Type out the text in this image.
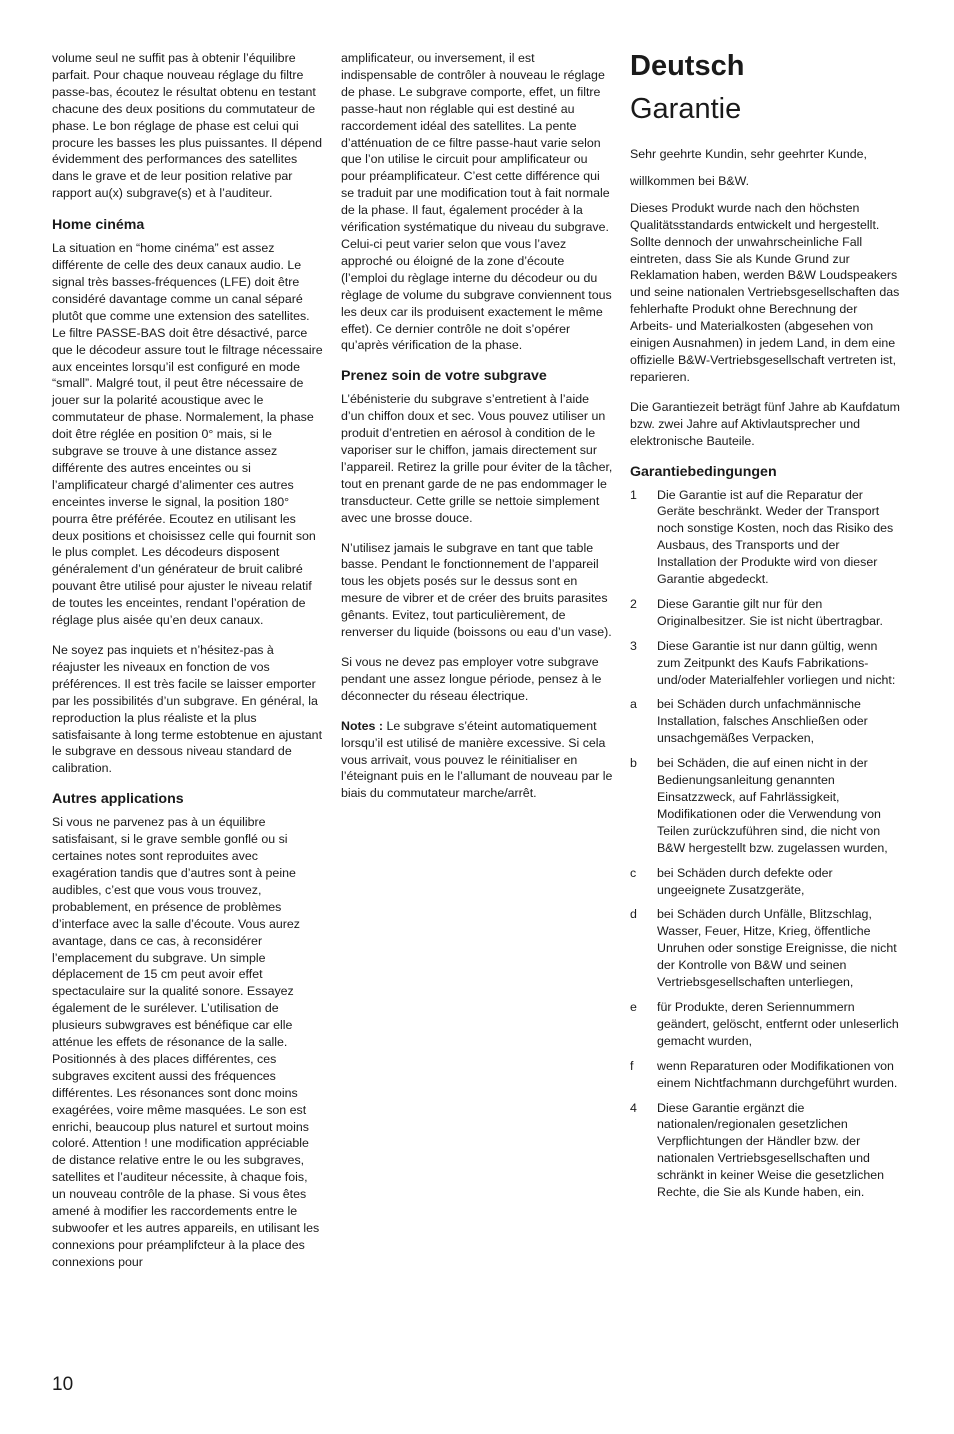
volume seul ne suffit pas à obtenir l’équilibre parfait. Pour chaque nouveau réglage du filtre passe-bas, écoutez le résultat obtenu en testant chacune des deux positions du commutateur de phase. Le bon réglage de phase est celui qui procure les basses les plus puissantes. Il dépend évidemment des performances des satellites dans le grave et de leur position relative par rapport au(x) subgrave(s) et à l’auditeur.

Home cinéma

La situation en “home cinéma” est assez différente de celle des deux canaux audio. Le signal très basses-fréquences (LFE) doit être considéré davantage comme un canal séparé plutôt que comme une extension des satellites. Le filtre PASSE-BAS doit être désactivé, parce que le décodeur assure tout le filtrage nécessaire aux enceintes lorsqu’il est configuré en mode “small”. Malgré tout, il peut être nécessaire de jouer sur la polarité acoustique avec le commutateur de phase. Normalement, la phase doit être réglée en position 0° mais, si le subgrave se trouve à une distance assez différente des autres enceintes ou si l’amplificateur chargé d’alimenter ces autres enceintes inverse le signal, la position 180° pourra être préférée. Ecoutez en utilisant les deux positions et choisissez celle qui fournit son le plus complet. Les décodeurs disposent généralement d’un générateur de bruit calibré pouvant être utilisé pour ajuster le niveau relatif de toutes les enceintes, rendant l’opération de réglage plus aisée qu’en deux canaux.

Ne soyez pas inquiets et n’hésitez-pas à réajuster les niveaux en fonction de vos préférences. Il est très facile se laisser emporter par les possibilités d’un subgrave. En général, la reproduction la plus réaliste et la plus satisfaisante à long terme estobtenue en ajustant le subgrave en dessous niveau standard de calibration.

Autres applications

Si vous ne parvenez pas à un équilibre satisfaisant, si le grave semble gonflé ou si certaines notes sont reproduites avec exagération tandis que d’autres sont à peine audibles, c’est que vous vous trouvez, probablement, en présence de problèmes d’interface avec la salle d’écoute. Vous aurez avantage, dans ce cas, à reconsidérer l’emplacement du subgrave. Un simple déplacement de 15 cm peut avoir effet spectaculaire sur la qualité sonore. Essayez également de le surélever. L’utilisation de plusieurs subwgraves est bénéfique car elle atténue les effets de résonance de la salle. Positionnés à des places différentes, ces subgraves excitent aussi des fréquences différentes. Les résonances sont donc moins exagérées, voire même masquées. Le son est enrichi, beaucoup plus naturel et surtout moins coloré. Attention ! une modification appréciable de distance relative entre le ou les subgraves, satellites et l’auditeur nécessite, à chaque fois, un nouveau contrôle de la phase. Si vous êtes amené à modifier les raccordements entre le subwoofer et les autres appareils, en utilisant les connexions pour préamplifcteur à la place des connexions pour

amplificateur, ou inversement, il est indispensable de contrôler à nouveau le réglage de phase. Le subgrave comporte, effet, un filtre passe-haut non réglable qui est destiné au raccordement idéal des satellites. La pente d’atténuation de ce filtre passe-haut varie selon que l’on utilise le circuit pour amplificateur ou pour préamplificateur. C’est cette différence qui se traduit par une modification tout à fait normale de la phase. Il faut, également procéder à la vérification systématique du niveau du subgrave. Celui-ci peut varier selon que vous l’avez approché ou éloigné de la zone d’écoute (l’emploi du règlage interne du décodeur ou du règlage de volume du subgrave conviennent tous les deux car ils produisent exactement le même effet). Ce dernier contrôle ne doit s’opérer qu’après vérification de la phase.

Prenez soin de votre subgrave

L’ébénisterie du subgrave s’entretient à l’aide d’un chiffon doux et sec. Vous pouvez utiliser un produit d’entretien en aérosol à condition de le vaporiser sur le chiffon, jamais directement sur l’appareil. Retirez la grille pour éviter de la tâcher, tout en prenant garde de ne pas endommager le transducteur. Cette grille se nettoie simplement avec une brosse douce.

N’utilisez jamais le subgrave en tant que table basse. Pendant le fonctionnement de l’appareil tous les objets posés sur le dessus sont en mesure de vibrer et de créer des bruits parasites gênants. Evitez, tout particulièrement, de renverser du liquide (boissons ou eau d’un vase).

Si vous ne devez pas employer votre subgrave pendant une assez longue période, pensez à le déconnecter du réseau électrique.

Notes : Le subgrave s’éteint automatiquement lorsqu’il est utilisé de manière excessive. Si cela vous arrivait, vous pouvez le réinitialiser en l’éteignant puis en le l’allumant de nouveau par le biais du commutateur marche/arrêt.

Deutsch
Garantie

Sehr geehrte Kundin, sehr geehrter Kunde,

willkommen bei B&W.

Dieses Produkt wurde nach den höchsten Qualitätsstandards entwickelt und hergestellt. Sollte dennoch der unwahrscheinliche Fall eintreten, dass Sie als Kunde Grund zur Reklamation haben, werden B&W Loudspeakers und seine nationalen Vertriebsgesellschaften das fehlerhafte Produkt ohne Berechnung der Arbeits- und Materialkosten (abgesehen von einigen Ausnahmen) in jedem Land, in dem eine offizielle B&W-Vertriebsgesellschaft vertreten ist, reparieren.

Die Garantiezeit beträgt fünf Jahre ab Kaufdatum bzw. zwei Jahre auf Aktivlautsprecher und elektronische Bauteile.

Garantiebedingungen
1 Die Garantie ist auf die Reparatur der Geräte beschränkt. Weder der Transport noch sonstige Kosten, noch das Risiko des Ausbaus, des Transports und der Installation der Produkte wird von dieser Garantie abgedeckt.
2 Diese Garantie gilt nur für den Originalbesitzer. Sie ist nicht übertragbar.
3 Diese Garantie ist nur dann gültig, wenn zum Zeitpunkt des Kaufs Fabrikations- und/oder Materialfehler vorliegen und nicht:
a bei Schäden durch unfachmännische Installation, falsches Anschließen oder unsachgemäßes Verpacken,
b bei Schäden, die auf einen nicht in der Bedienungsanleitung genannten Einsatzzweck, auf Fahrlässigkeit, Modifikationen oder die Verwendung von Teilen zurückzuführen sind, die nicht von B&W hergestellt bzw. zugelassen wurden,
c bei Schäden durch defekte oder ungeeignete Zusatzgeräte,
d bei Schäden durch Unfälle, Blitzschlag, Wasser, Feuer, Hitze, Krieg, öffentliche Unruhen oder sonstige Ereignisse, die nicht der Kontrolle von B&W und seinen Vertriebsgesellschaften unterliegen,
e für Produkte, deren Seriennummern geändert, gelöscht, entfernt oder unleserlich gemacht wurden,
f wenn Reparaturen oder Modifikationen von einem Nichtfachmann durchgeführt wurden.
4 Diese Garantie ergänzt die nationalen/regionalen gesetzlichen Verpflichtungen der Händler bzw. der nationalen Vertriebsgesellschaften und schränkt in keiner Weise die gesetzlichen Rechte, die Sie als Kunde haben, ein.
10
